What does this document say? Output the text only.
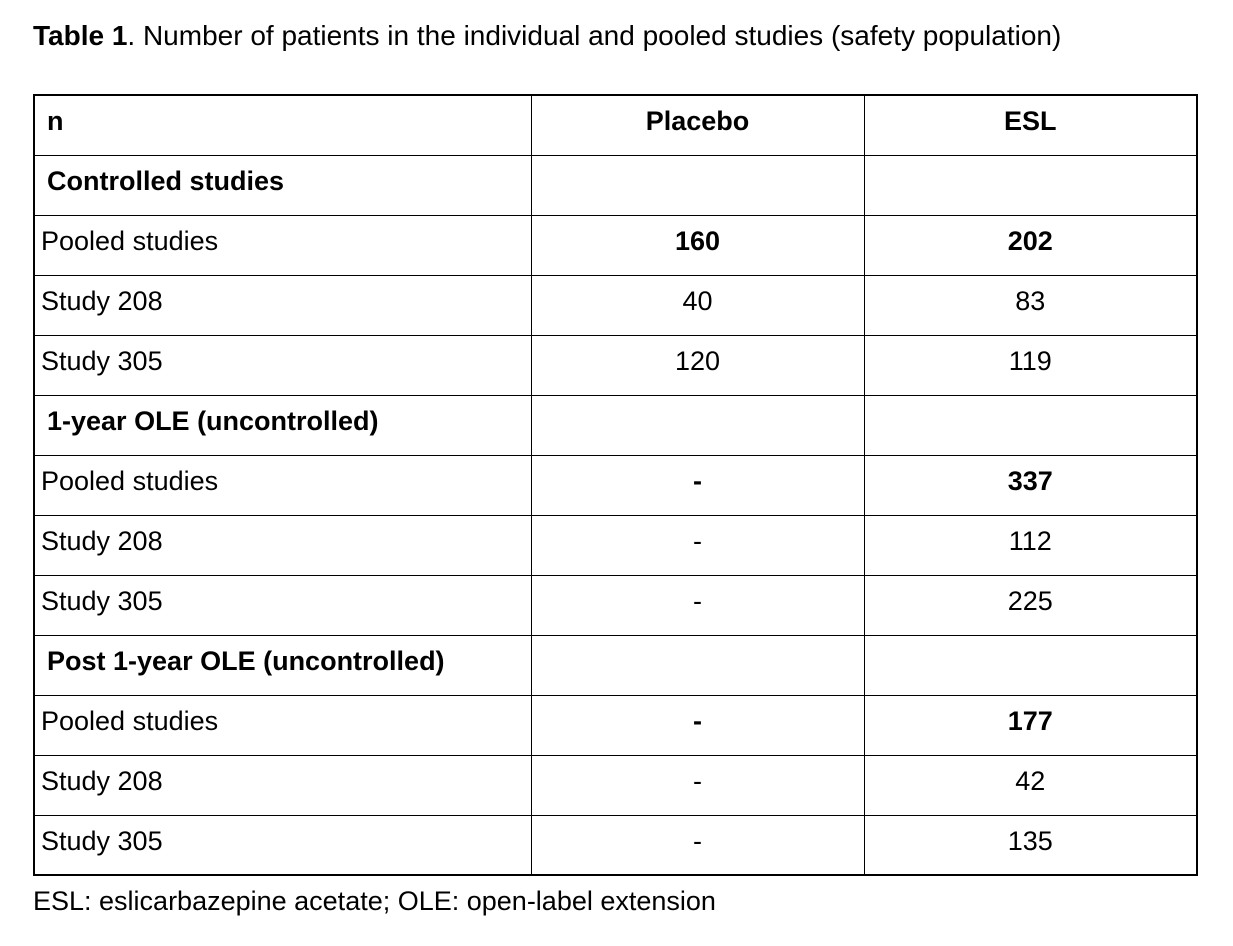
Table 1. Number of patients in the individual and pooled studies (safety population)

n	Placebo	ESL
Controlled studies		
Pooled studies	160	202
Study 208	40	83
Study 305	120	119
1-year OLE (uncontrolled)		
Pooled studies	-	337
Study 208	-	112
Study 305	-	225
Post 1-year OLE (uncontrolled)		
Pooled studies	-	177
Study 208	-	42
Study 305	-	135

ESL: eslicarbazepine acetate; OLE: open-label extension
